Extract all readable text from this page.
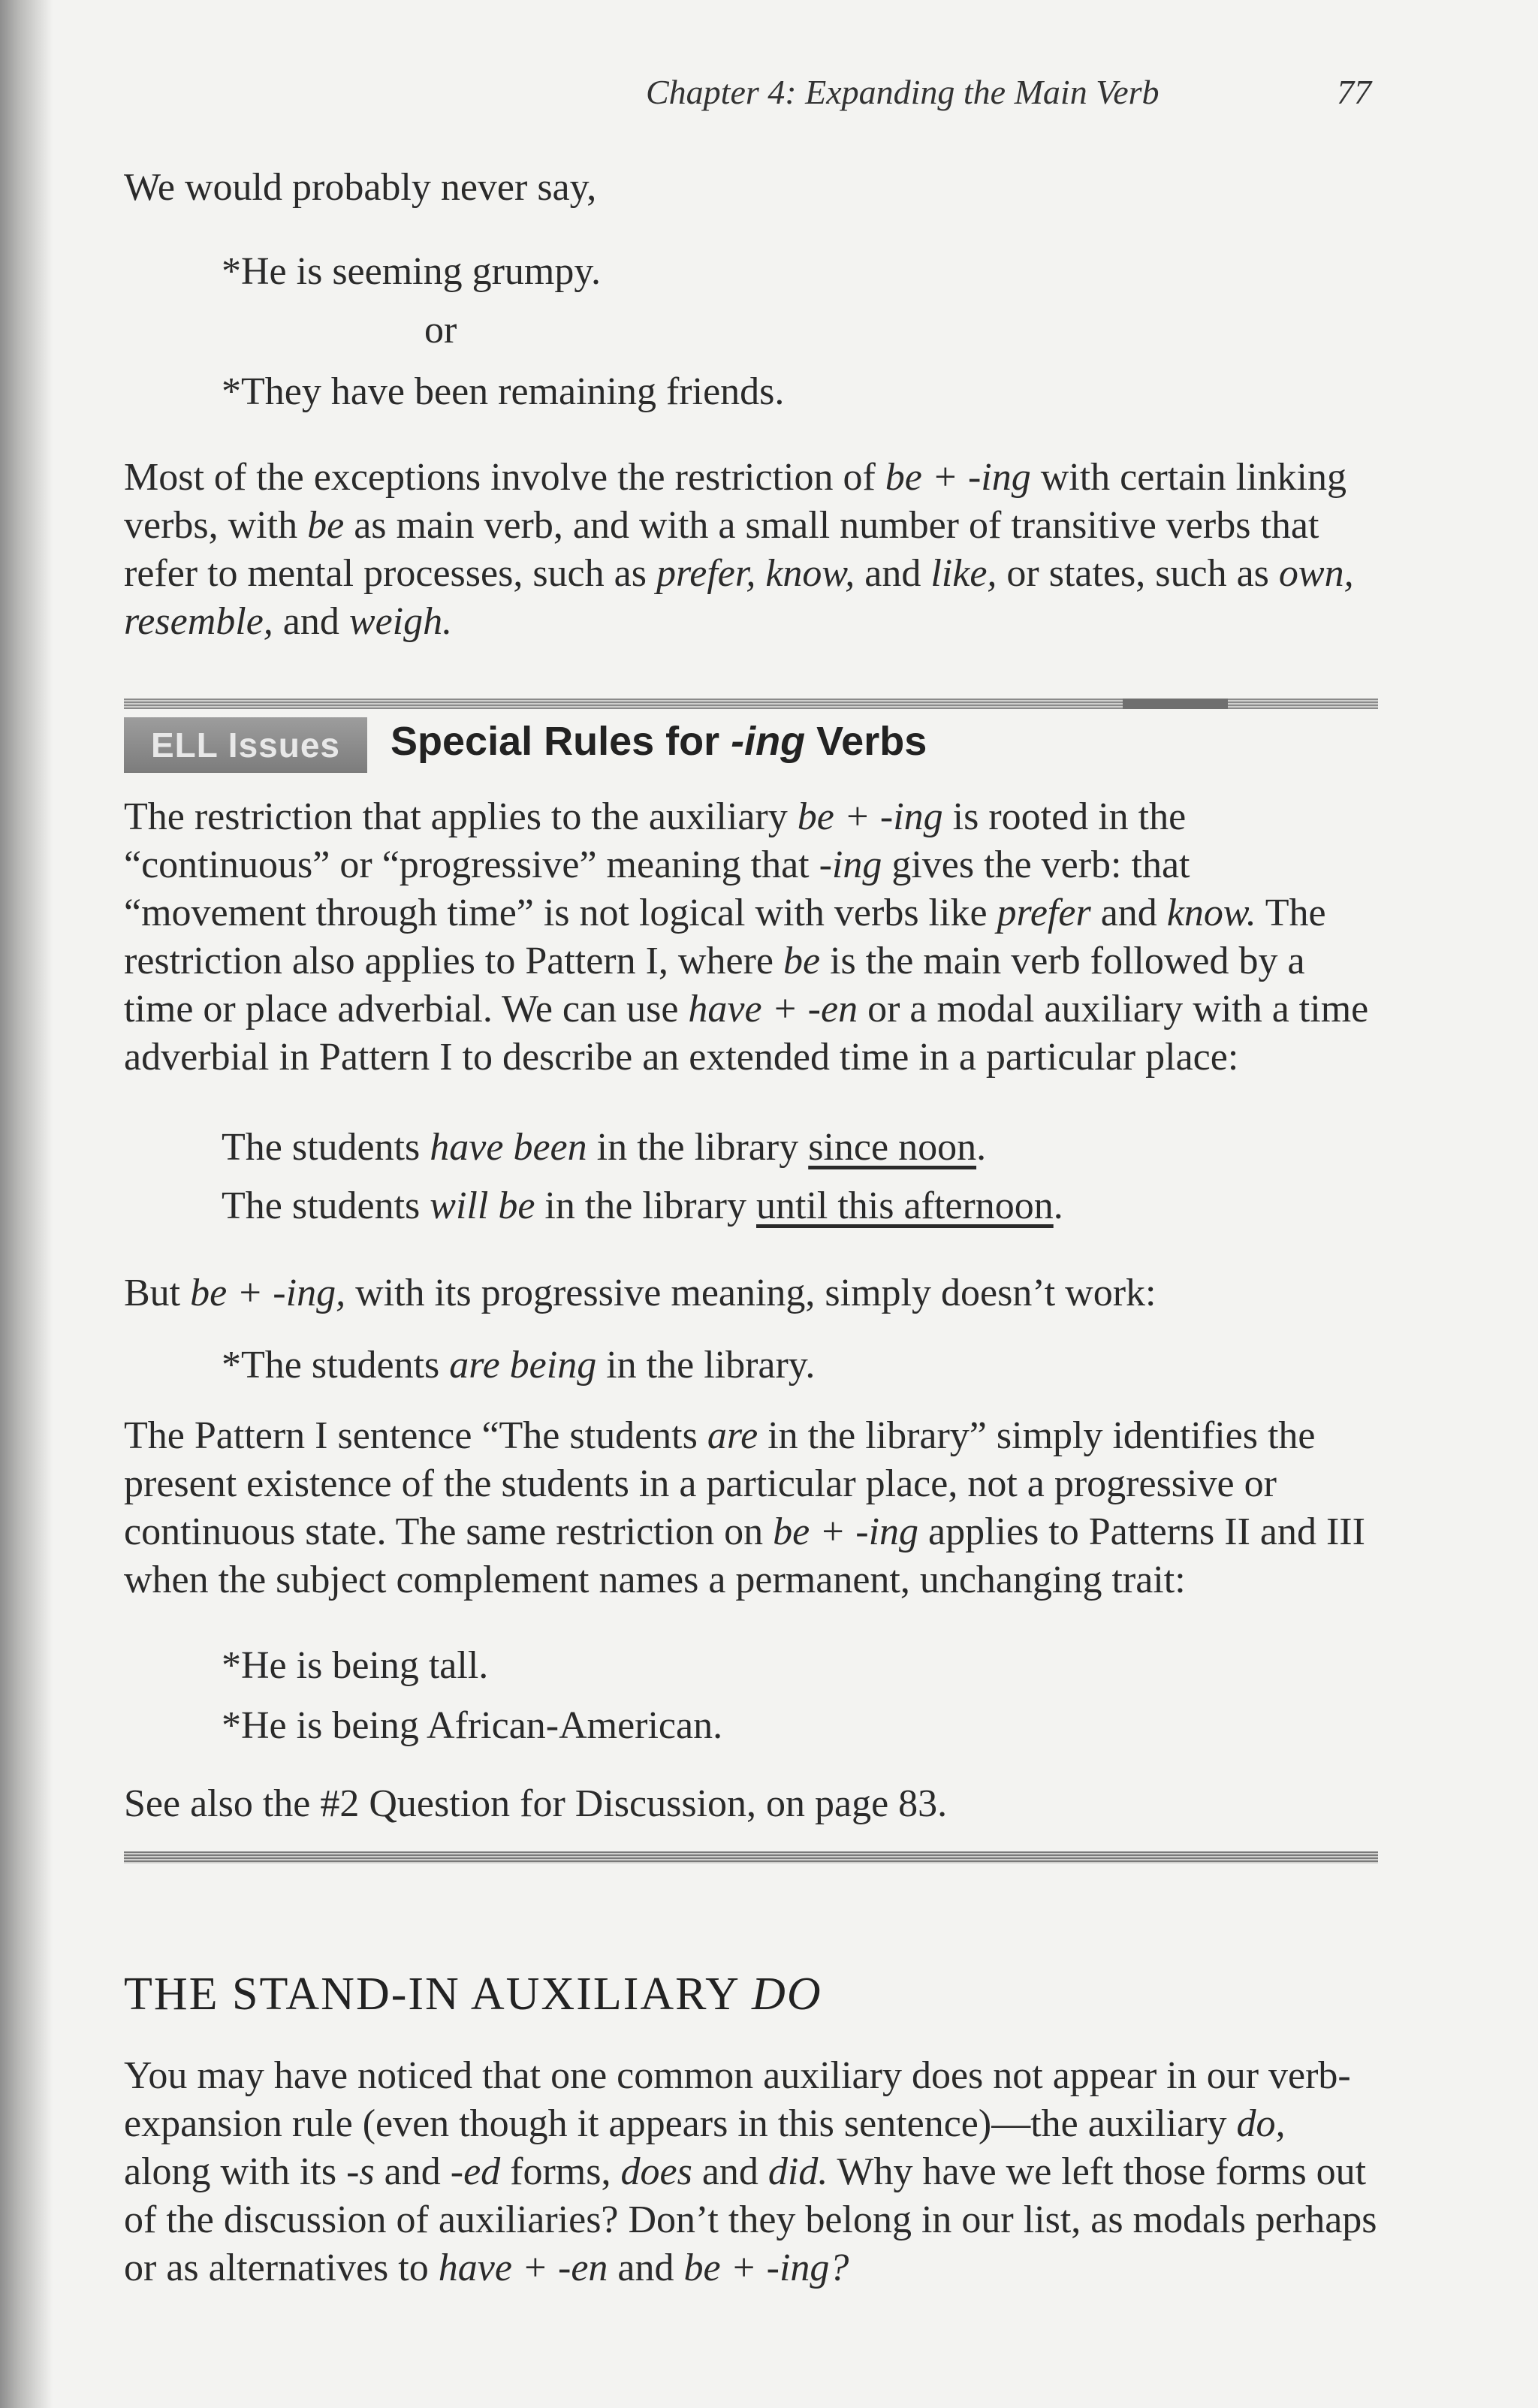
Chapter 4: Expanding the Main Verb	77

We would probably never say,

*He is seeming grumpy.
or
*They have been remaining friends.

Most of the exceptions involve the restriction of be + -ing with certain linking verbs, with be as main verb, and with a small number of transitive verbs that refer to mental processes, such as prefer, know, and like, or states, such as own, resemble, and weigh.

ELL Issues	Special Rules for -ing Verbs

The restriction that applies to the auxiliary be + -ing is rooted in the “continuous” or “progressive” meaning that -ing gives the verb: that “movement through time” is not logical with verbs like prefer and know. The restriction also applies to Pattern I, where be is the main verb followed by a time or place adverbial. We can use have + -en or a modal auxiliary with a time adverbial in Pattern I to describe an extended time in a particular place:

The students have been in the library since noon.
The students will be in the library until this afternoon.

But be + -ing, with its progressive meaning, simply doesn’t work:

*The students are being in the library.

The Pattern I sentence “The students are in the library” simply identifies the present existence of the students in a particular place, not a progressive or continuous state. The same restriction on be + -ing applies to Patterns II and III when the subject complement names a permanent, unchanging trait:

*He is being tall.
*He is being African-American.

See also the #2 Question for Discussion, on page 83.

THE STAND-IN AUXILIARY DO

You may have noticed that one common auxiliary does not appear in our verb-expansion rule (even though it appears in this sentence)—the auxiliary do, along with its -s and -ed forms, does and did. Why have we left those forms out of the discussion of auxiliaries? Don’t they belong in our list, as modals perhaps or as alternatives to have + -en and be + -ing?
